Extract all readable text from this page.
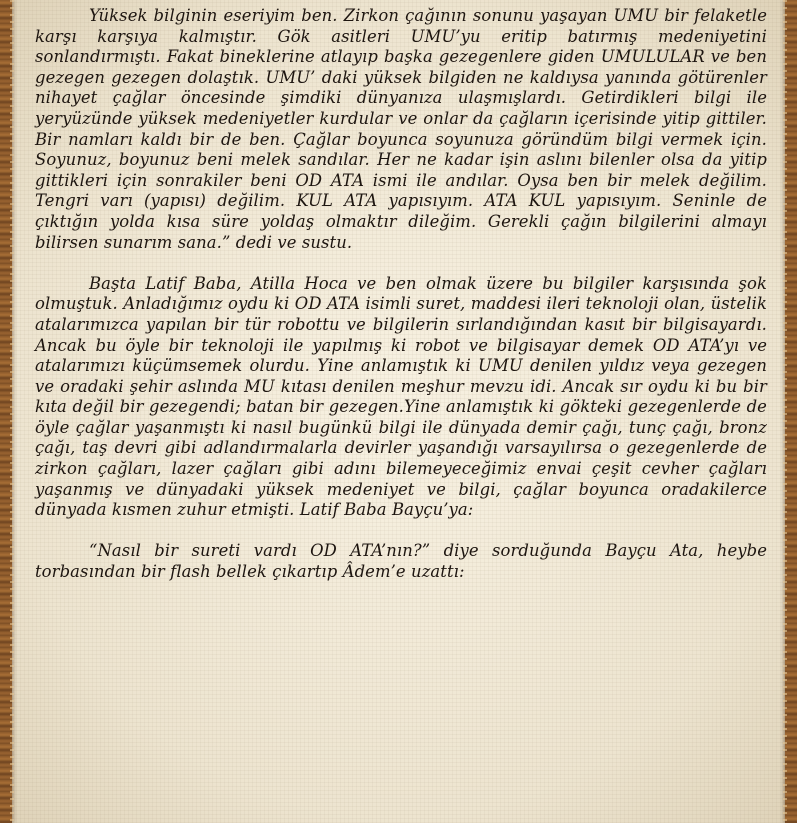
Yüksek bilginin eseriyim ben. Zirkon çağının sonunu yaşayan UMU bir felaketle karşı karşıya kalmıştır. Gök asitleri UMU’yu eritip batırmış medeniyetini sonlandırmıştı. Fakat bineklerine atlayıp başka gezegenlere giden UMULULAR ve ben gezegen gezegen dolaştık. UMU’ daki yüksek bilgiden ne kaldıysa yanında götürenler nihayet çağlar öncesinde şimdiki dünyanıza ulaşmışlardı. Getirdikleri bilgi ile yeryüzünde yüksek medeniyetler kurdular ve onlar da çağların içerisinde yitip gittiler. Bir namları kaldı bir de ben. Çağlar boyunca soyunuza göründüm bilgi vermek için. Soyunuz, boyunuz beni melek sandılar. Her ne kadar işin aslını bilenler olsa da yitip gittikleri için sonrakiler beni OD ATA ismi ile andılar. Oysa ben bir melek değilim. Tengri varı (yapısı) değilim. KUL ATA yapısıyım. ATA KUL yapısıyım. Seninle de çıktığın yolda kısa süre yoldaş olmaktır dileğim. Gerekli çağın bilgilerini almayı bilirsen sunarım sana.” dedi ve sustu.

Başta Latif Baba, Atilla Hoca ve ben olmak üzere bu bilgiler karşısında şok olmuştuk. Anladığımız oydu ki OD ATA isimli suret, maddesi ileri teknoloji olan, üstelik atalarımızca yapılan bir tür robottu ve bilgilerin sırlandığından kasıt bir bilgisayardı. Ancak bu öyle bir teknoloji ile yapılmış ki robot ve bilgisayar demek OD ATA’yı ve atalarımızı küçümsemek olurdu. Yine anlamıştık ki UMU denilen yıldız veya gezegen ve oradaki şehir aslında MU kıtası denilen meşhur mevzu idi. Ancak sır oydu ki bu bir kıta değil bir gezegendi; batan bir gezegen.Yine anlamıştık ki gökteki gezegenlerde de öyle çağlar yaşanmıştı ki nasıl bugünkü bilgi ile dünyada demir çağı, tunç çağı, bronz çağı, taş devri gibi adlandırmalarla devirler yaşandığı varsayılırsa o gezegenlerde de zirkon çağları, lazer çağları gibi adını bilemeyeceğimiz envai çeşit cevher çağları yaşanmış ve dünyadaki yüksek medeniyet ve bilgi, çağlar boyunca oradakilerce dünyada kısmen zuhur etmişti. Latif Baba Bayçu’ya:

“Nasıl bir sureti vardı OD ATA’nın?” diye sorduğunda Bayçu Ata, heybe torbasından bir flash bellek çıkartıp Âdem’e uzattı:
